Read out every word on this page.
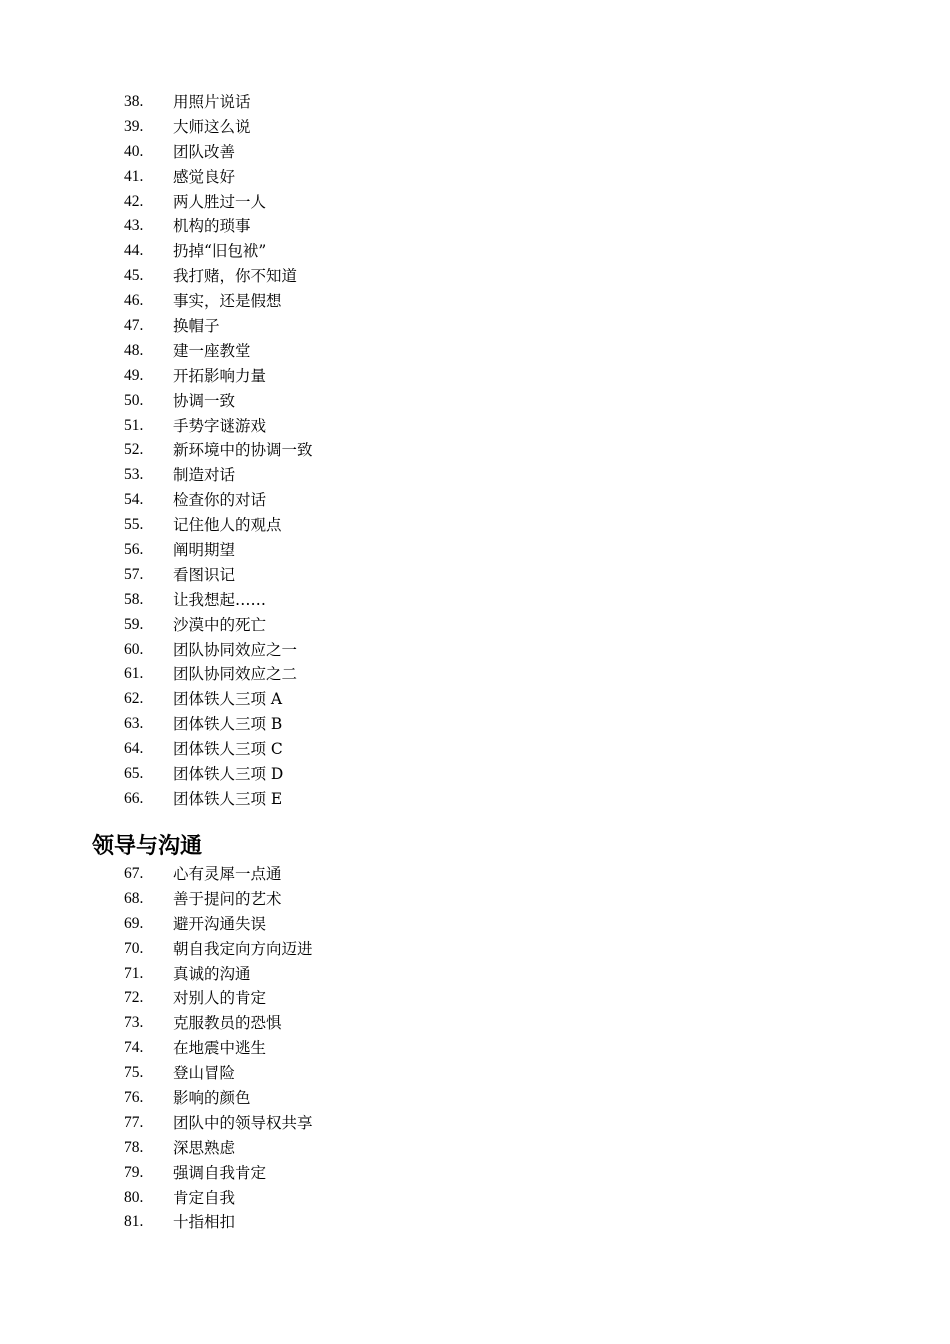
38.	用照片说话
39.	大师这么说
40.	团队改善
41.	感觉良好
42.	两人胜过一人
43.	机构的琐事
44.	扔掉“旧包袱”
45.	我打赌，你不知道
46.	事实，还是假想
47.	换帽子
48.	建一座教堂
49.	开拓影响力量
50.	协调一致
51.	手势字谜游戏
52.	新环境中的协调一致
53.	制造对话
54.	检查你的对话
55.	记住他人的观点
56.	阐明期望
57.	看图识记
58.	让我想起……
59.	沙漠中的死亡
60.	团队协同效应之一
61.	团队协同效应之二
62.	团体铁人三项 A
63.	团体铁人三项 B
64.	团体铁人三项 C
65.	团体铁人三项 D
66.	团体铁人三项 E
领导与沟通
67.	心有灵犀一点通
68.	善于提问的艺术
69.	避开沟通失误
70.	朝自我定向方向迈进
71.	真诚的沟通
72.	对别人的肯定
73.	克服教员的恐惧
74.	在地震中逃生
75.	登山冒险
76.	影响的颜色
77.	团队中的领导权共享
78.	深思熟虑
79.	强调自我肯定
80.	肯定自我
81.	十指相扣
